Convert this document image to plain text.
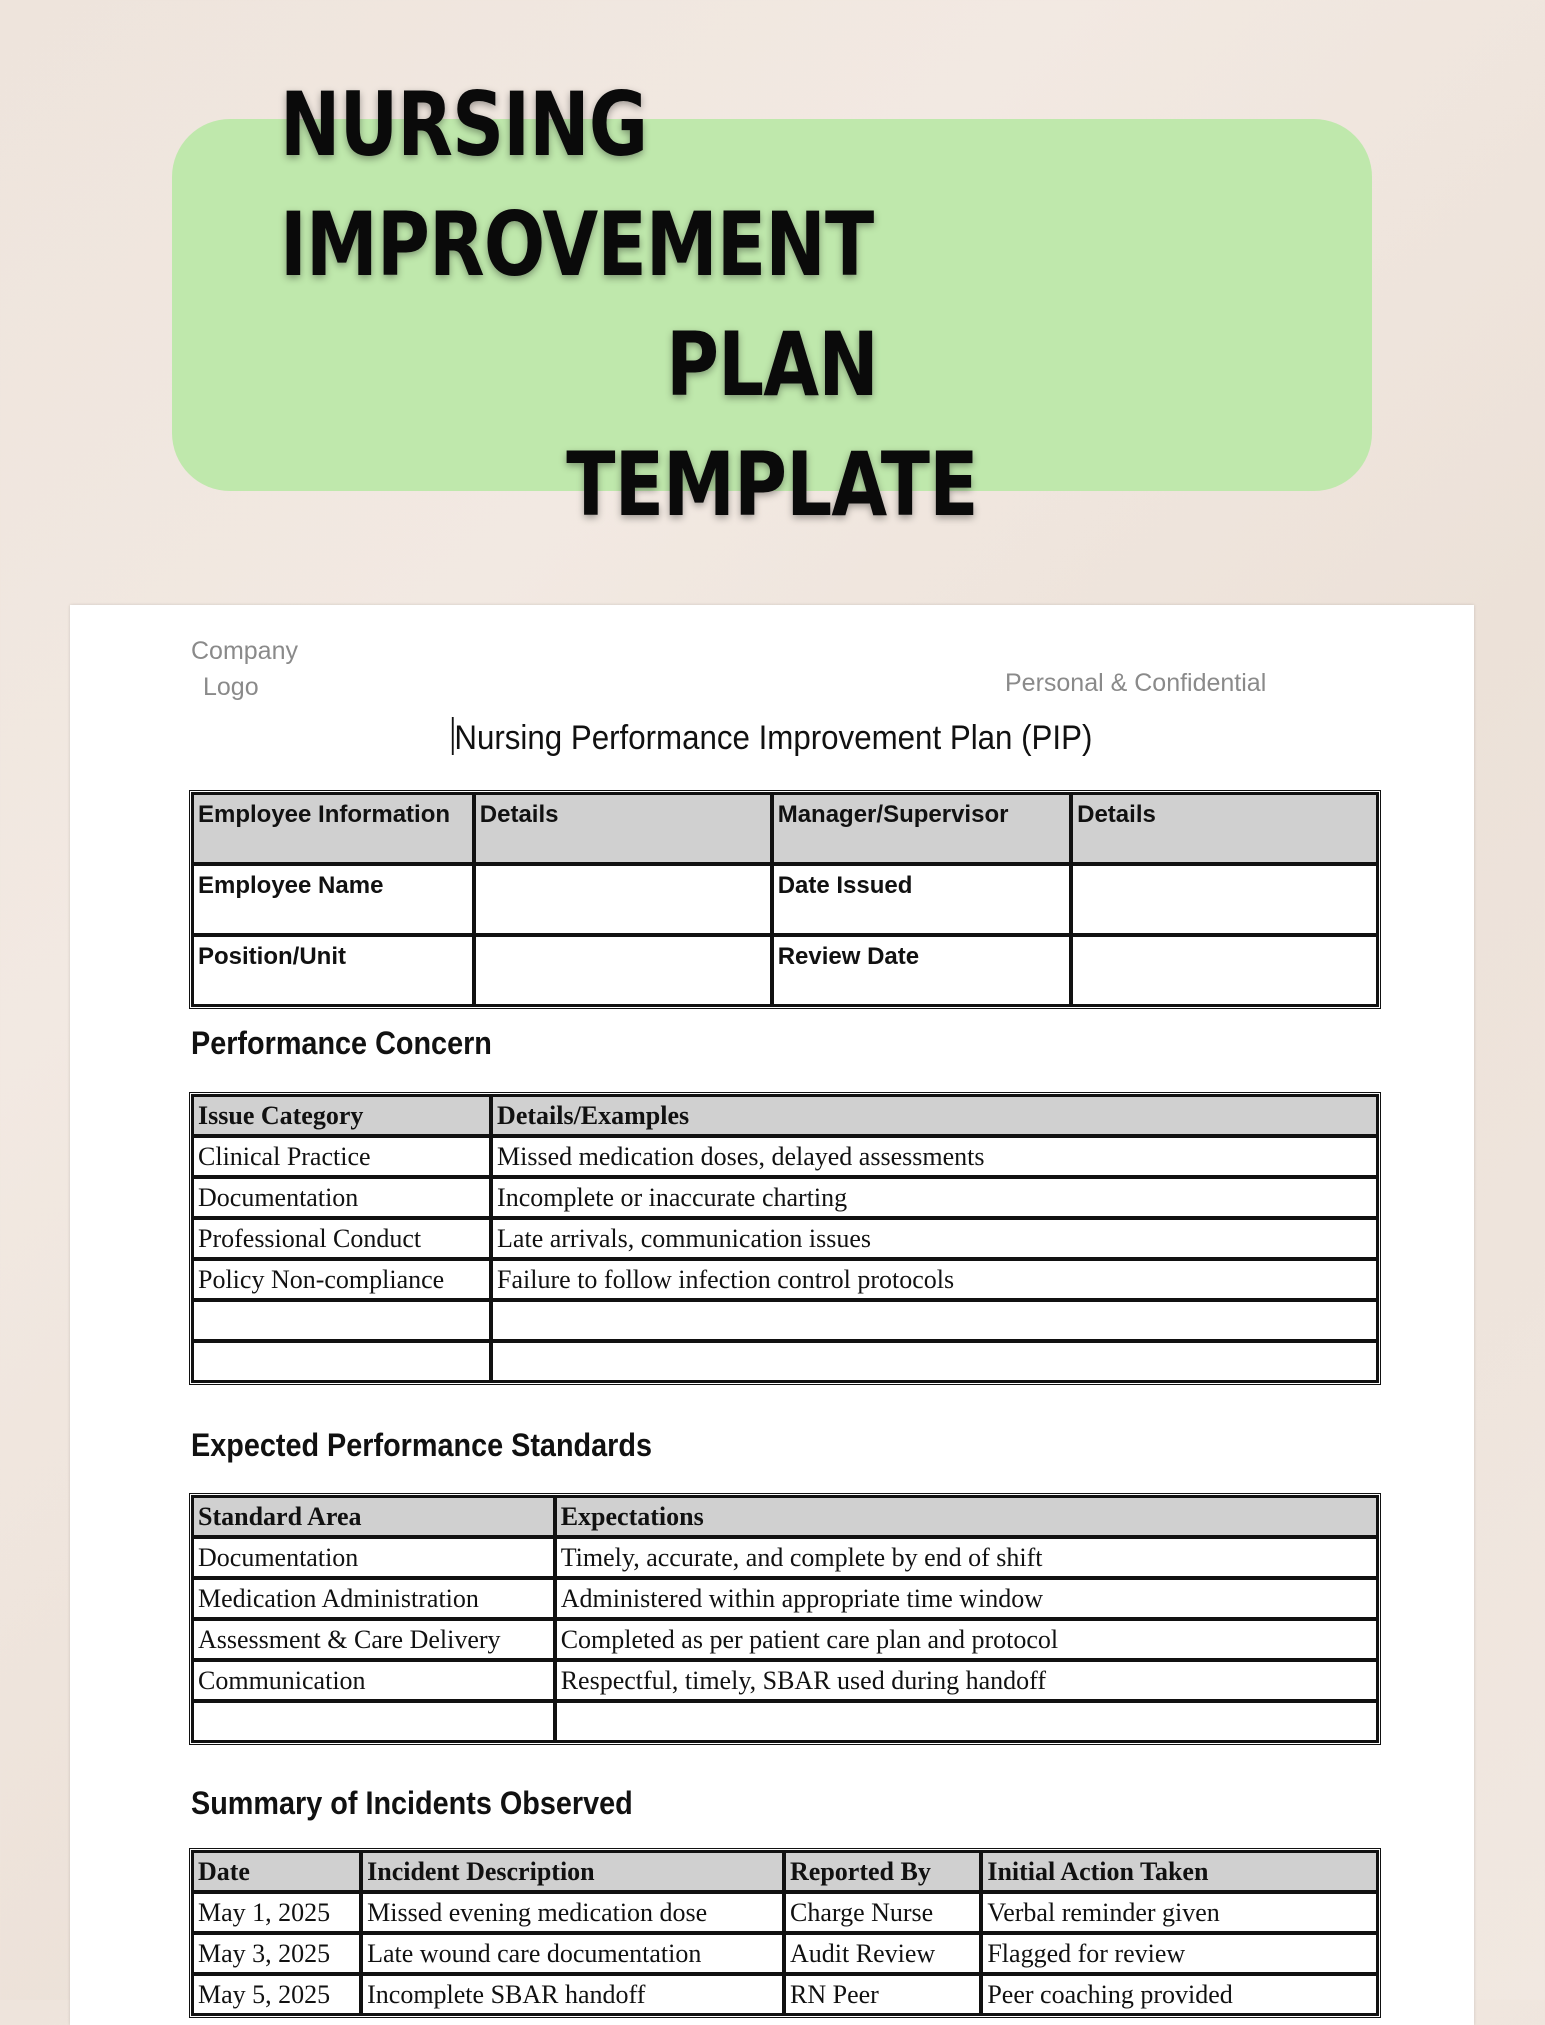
NURSING IMPROVEMENT
PLAN
TEMPLATE
Company
Logo	Personal & Confidential
Nursing Performance Improvement Plan (PIP)
Employee Information	Details	Manager/Supervisor	Details
Employee Name		Date Issued	
Position/Unit		Review Date	
Performance Concern
Issue Category	Details/Examples
Clinical Practice	Missed medication doses, delayed assessments
Documentation	Incomplete or inaccurate charting
Professional Conduct	Late arrivals, communication issues
Policy Non-compliance	Failure to follow infection control protocols

Expected Performance Standards
Standard Area	Expectations
Documentation	Timely, accurate, and complete by end of shift
Medication Administration	Administered within appropriate time window
Assessment & Care Delivery	Completed as per patient care plan and protocol
Communication	Respectful, timely, SBAR used during handoff

Summary of Incidents Observed
Date	Incident Description	Reported By	Initial Action Taken
May 1, 2025	Missed evening medication dose	Charge Nurse	Verbal reminder given
May 3, 2025	Late wound care documentation	Audit Review	Flagged for review
May 5, 2025	Incomplete SBAR handoff	RN Peer	Peer coaching provided
